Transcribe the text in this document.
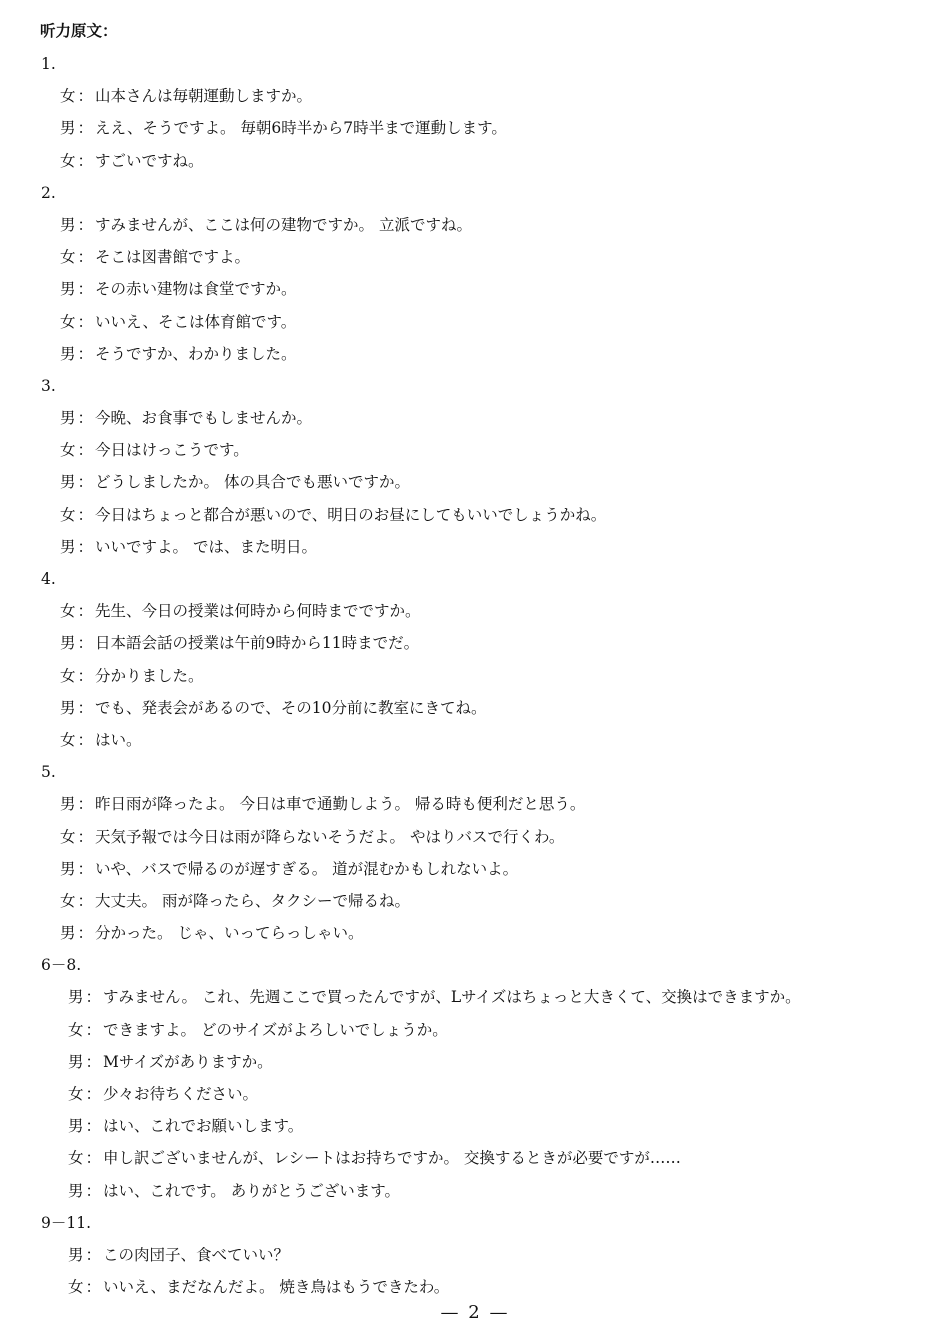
听力原文：
1.
女 ： 山本さんは毎朝運動しますか。
男 ： ええ、そうですよ。 毎朝6時半から7時半まで運動します。
女 ： すごいですね。
2.
男 ： すみませんが、ここは何の建物ですか。 立派ですね。
女 ： そこは図書館ですよ。
男 ： その赤い建物は食堂ですか。
女 ： いいえ、そこは体育館です。
男 ： そうですか、わかりました。
3.
男 ： 今晩、お食事でもしませんか。
女 ： 今日はけっこうです。
男 ： どうしましたか。 体の具合でも悪いですか。
女 ： 今日はちょっと都合が悪いので、明日のお昼にしてもいいでしょうかね。
男 ： いいですよ。 では、また明日。
4.
女 ： 先生、今日の授業は何時から何時までですか。
男 ： 日本語会話の授業は午前9時から11時までだ。
女 ： 分かりました。
男 ： でも、発表会があるので、その10分前に教室にきてね。
女 ： はい。
5.
男 ： 昨日雨が降ったよ。 今日は車で通勤しよう。 帰る時も便利だと思う。
女 ： 天気予報では今日は雨が降らないそうだよ。 やはりバスで行くわ。
男 ： いや、バスで帰るのが遅すぎる。 道が混むかもしれないよ。
女 ： 大丈夫。 雨が降ったら、タクシーで帰るね。
男 ： 分かった。 じゃ、いってらっしゃい。
6－8.
男 ： すみません。 これ、先週ここで買ったんですが、Lサイズはちょっと大きくて、交換はできますか。
女 ： できますよ。 どのサイズがよろしいでしょうか。
男 ： Mサイズがありますか。
女 ： 少々お待ちください。
男 ： はい、これでお願いします。
女 ： 申し訳ございませんが、レシートはお持ちですか。 交換するときが必要ですが……
男 ： はい、これです。 ありがとうございます。
9－11.
男 ： この肉団子、食べていい？
女 ： いいえ、まだなんだよ。 焼き鳥はもうできたわ。
— 2 —
